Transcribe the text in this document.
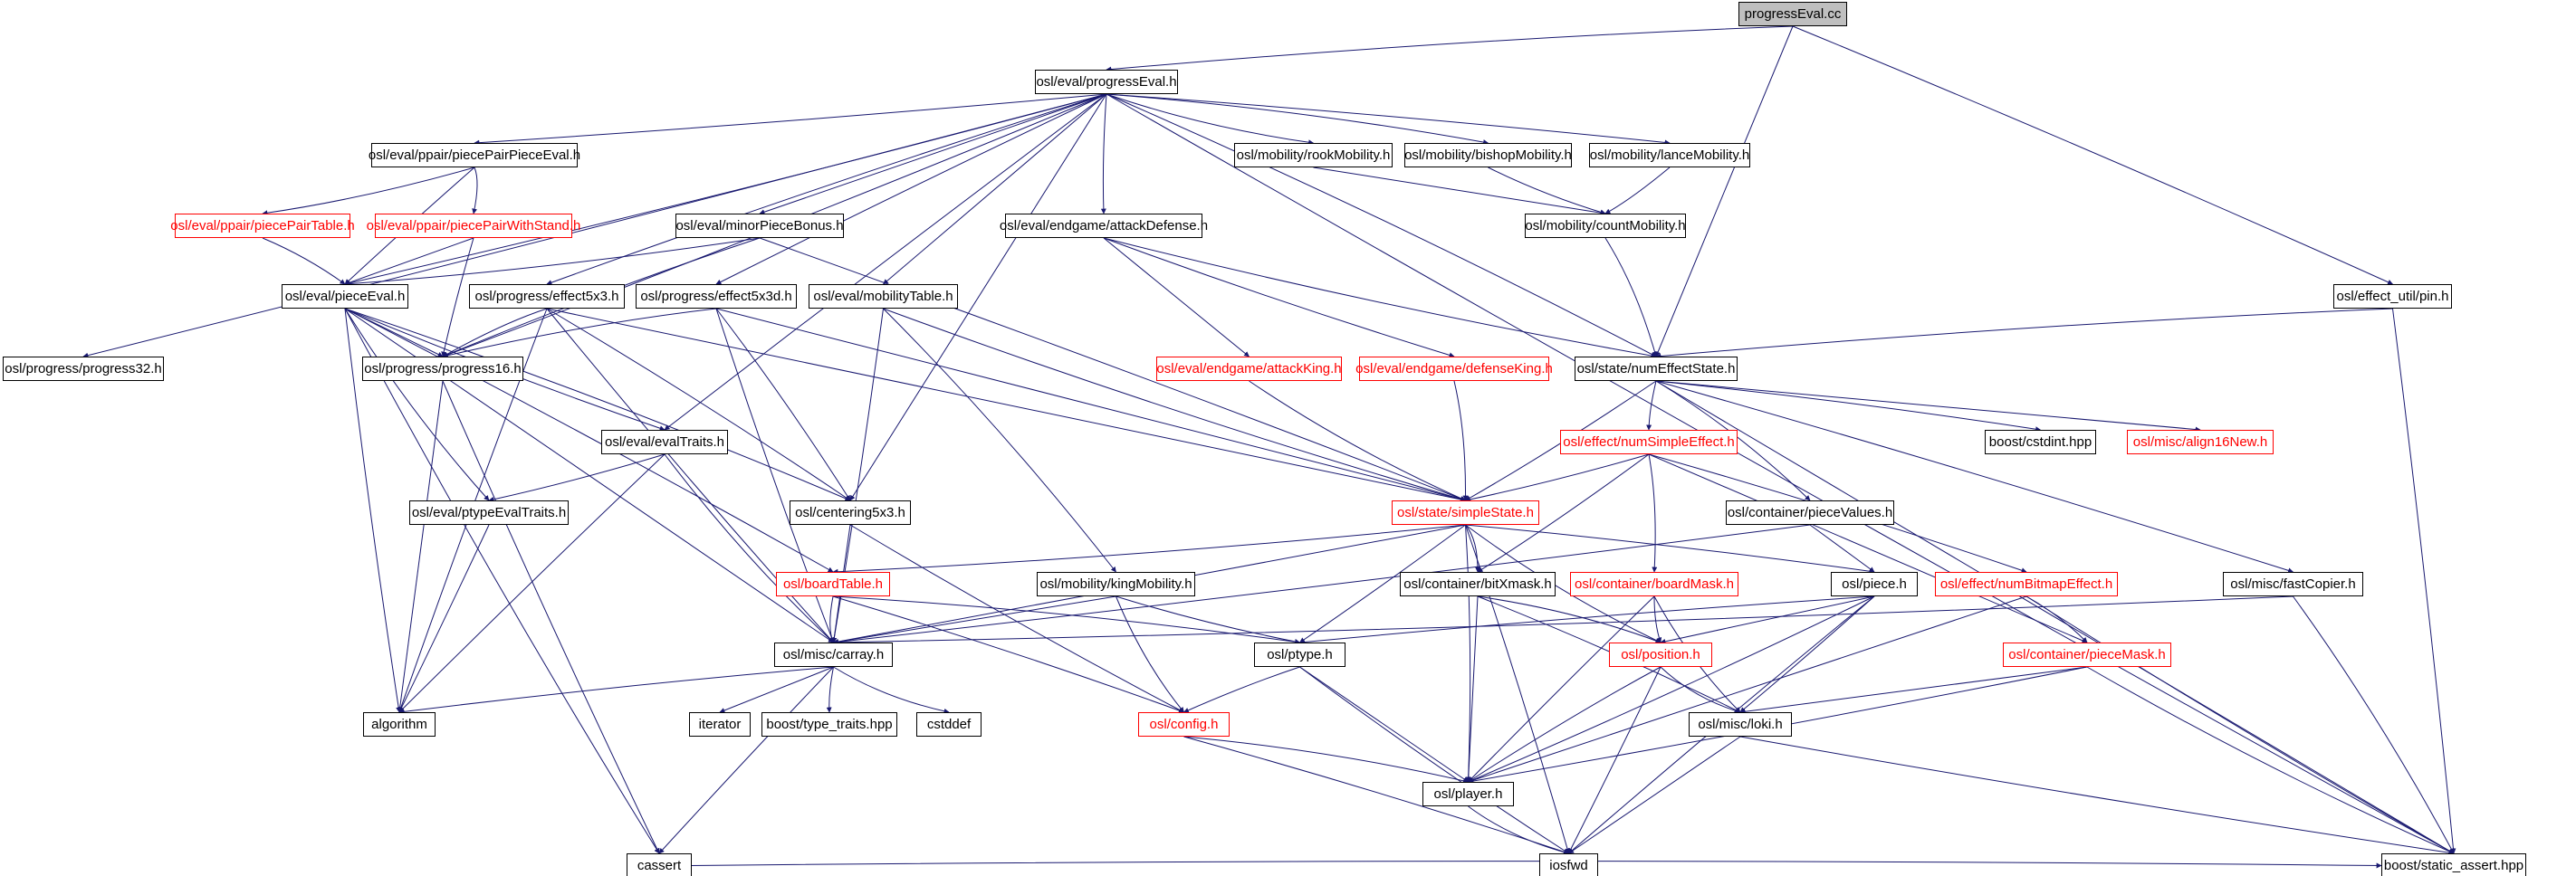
progressEval.cc
osl/eval/progressEval.h
osl/eval/ppair/piecePairPieceEval.h	osl/mobility/rookMobility.h osl/mobility/bishopMobility.h osl/mobility/lanceMobility.h
osl/eval/ppair/piecePairTable.h osl/eval/ppair/piecePairWithStand.h	osl/eval/minorPieceBonus.h	osl/eval/endgame/attackDefense.h	osl/mobility/countMobility.h
osl/effect_util/pin.h
osl/eval/pieceEval.h	osl/progress/effect5x3.h osl/progress/effect5x3d.h osl/eval/mobilityTable.h
osl/progress/progress32.h	osl/progress/progress16.h	osl/eval/endgame/attackKing.h osl/eval/endgame/defenseKing.h osl/state/numEffectState.h
boost/cstdint.hpp	osl/misc/align16New.h
osl/effect/numSimpleEffect.h
osl/eval/evalTraits.h
osl/eval/ptypeEvalTraits.h	osl/centering5x3.h	osl/state/simpleState.h	osl/container/pieceValues.h
osl/boardTable.h	osl/mobility/kingMobility.h	osl/container/bitXmask.h osl/container/boardMask.h	osl/piece.h osl/effect/numBitmapEffect.h	osl/misc/fastCopier.h
osl/misc/carray.h	osl/ptype.h	osl/position.h	osl/container/pieceMask.h
algorithm	iterator boost/type_traits.hpp	cstddef	osl/config.h	osl/misc/loki.h
osl/player.h
cassert	iosfwd	boost/static_assert.hpp
